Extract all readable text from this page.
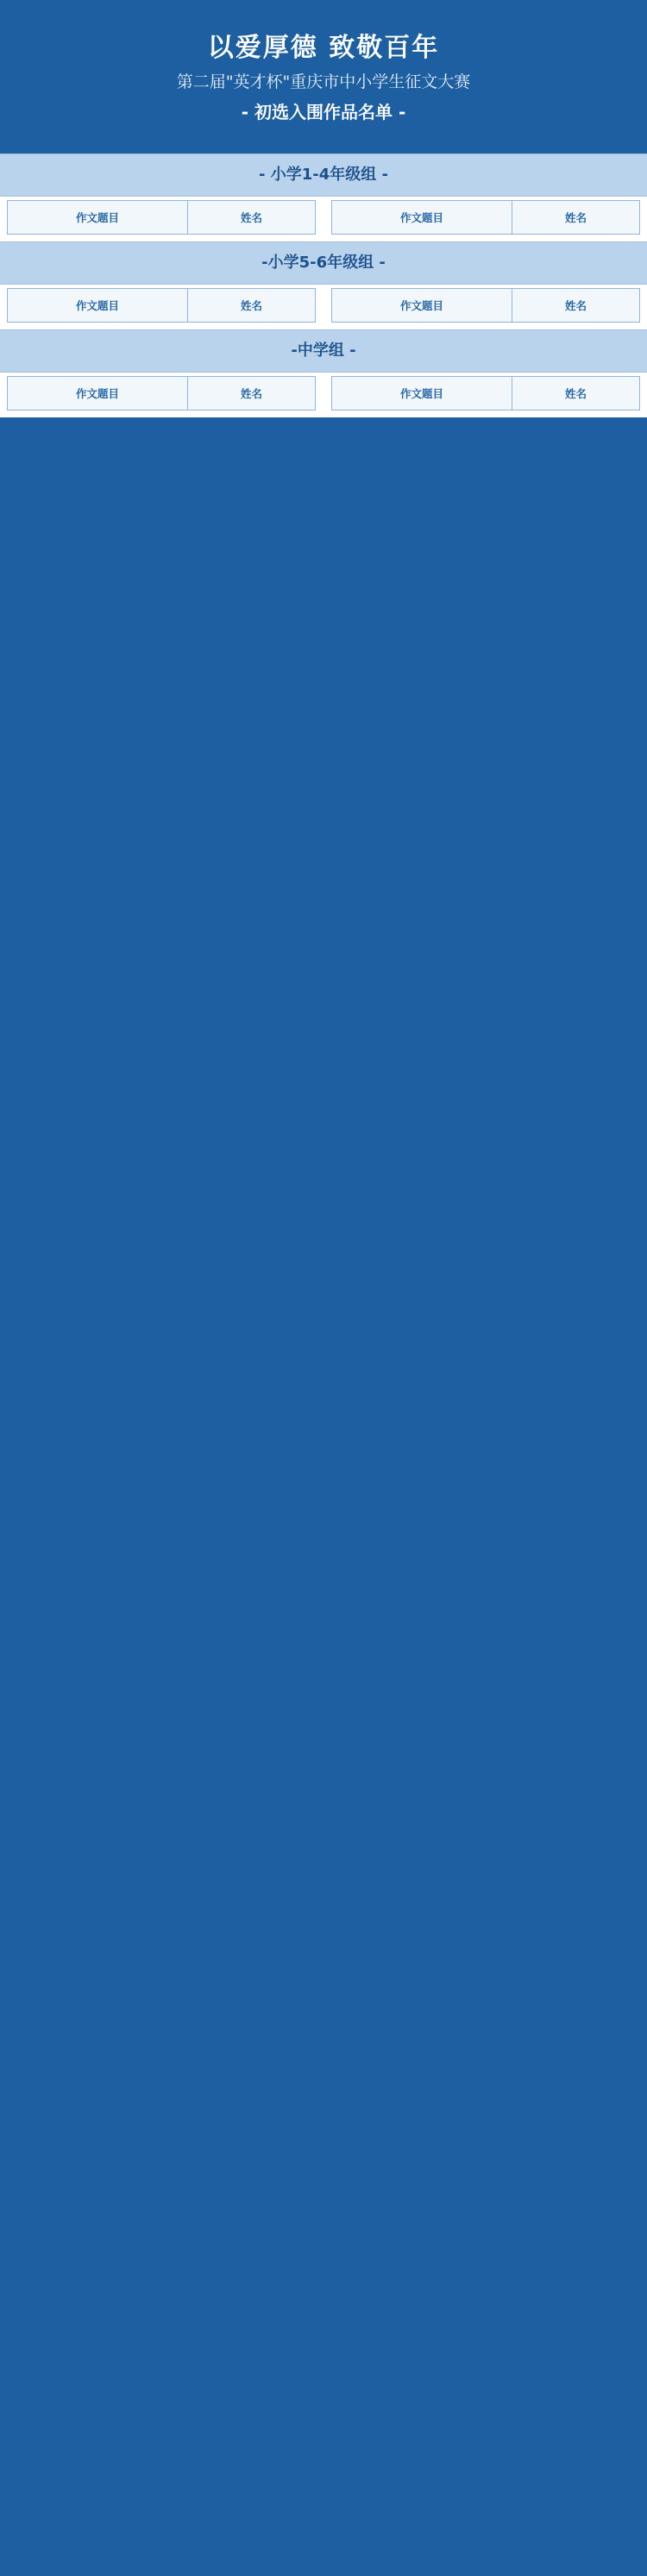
以爱厚德 致敬百年
第二届"英才杯"重庆市中小学生征文大赛
- 初选入围作品名单 -
- 小学1-4年级组 -
作文题目	姓名	作文题目	姓名
-小学5-6年级组 -
作文题目	姓名	作文题目	姓名
-中学组 -
作文题目	姓名	作文题目	姓名
